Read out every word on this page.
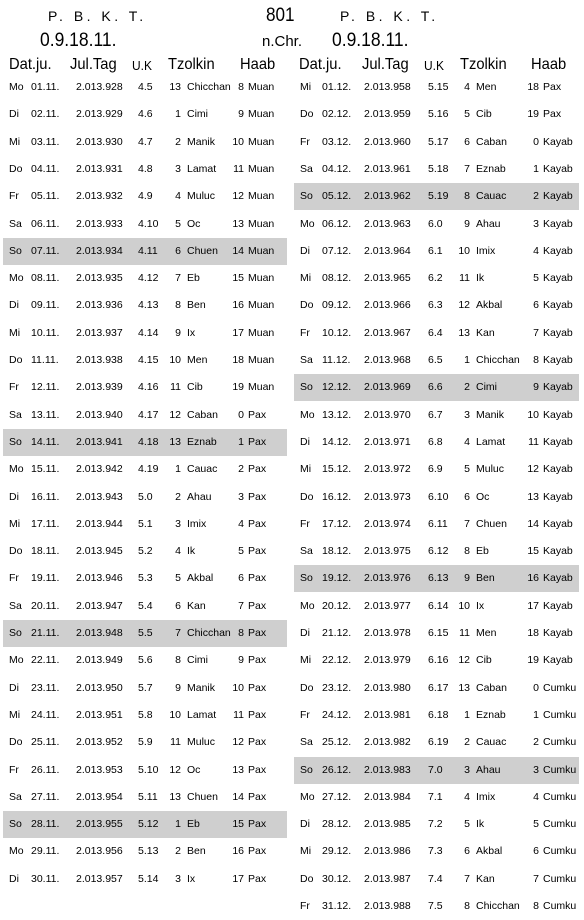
P. B. K. T.
0.9.18.11.
801
n.Chr.
P. B. K. T.
0.9.18.11.
Dat.ju. Jul.Tag U.K Tzolkin Haab Dat.ju. Jul.Tag U.K Tzolkin Haab
Mo 01.11. 2.013.928 4.5 13 Chicchan 8 Muan
Di 02.11. 2.013.929 4.6 1 Cimi	9 Muan
Mi 03.11. 2.013.930 4.7 2 Manik 10 Muan
Do 04.11. 2.013.931 4.8 3 Lamat 11 Muan
Fr 05.11. 2.013.932 4.9 4 Muluc 12 Muan
Sa 06.11. 2.013.933 4.10 5 Oc	13 Muan
So 07.11. 2.013.934 4.11 6 Chuen 14 Muan
Mo 08.11. 2.013.935 4.12 7 Eb	15 Muan
Di 09.11. 2.013.936 4.13 8 Ben	16 Muan
Mi 10.11. 2.013.937 4.14 9 Ix	17 Muan
Do 11.11. 2.013.938 4.15 10 Men 18 Muan
Fr 12.11. 2.013.939 4.16 11 Cib	19 Muan
Sa 13.11. 2.013.940 4.17 12 Caban 0 Pax
So 14.11. 2.013.941 4.18 13 Eznab 1 Pax
Mo 15.11. 2.013.942 4.19 1 Cauac 2 Pax
Di 16.11. 2.013.943 5.0 2 Ahau	3 Pax
Mi 17.11. 2.013.944 5.1 3 Imix	4 Pax
Do 18.11. 2.013.945 5.2 4 Ik	5 Pax
Fr 19.11. 2.013.946 5.3 5 Akbal 6 Pax
Sa 20.11. 2.013.947 5.4 6 Kan	7 Pax
So 21.11. 2.013.948 5.5 7 Chicchan 8 Pax
Mo 22.11. 2.013.949 5.6 8 Cimi	9 Pax
Di 23.11. 2.013.950 5.7 9 Manik 10 Pax
Mi 24.11. 2.013.951 5.8 10 Lamat 11 Pax
Do 25.11. 2.013.952 5.9 11 Muluc 12 Pax
Fr 26.11. 2.013.953 5.10 12 Oc	13 Pax
Sa 27.11. 2.013.954 5.11 13 Chuen 14 Pax
So 28.11. 2.013.955 5.12 1 Eb	15 Pax
Mo 29.11. 2.013.956 5.13 2 Ben	16 Pax
Di 30.11. 2.013.957 5.14 3 Ix	17 Pax
Mi 01.12. 2.013.958 5.15 4 Men	18 Pax
Do 02.12. 2.013.959 5.16 5 Cib	19 Pax
Fr 03.12. 2.013.960 5.17 6 Caban 0 Kayab
Sa 04.12. 2.013.961 5.18 7 Eznab	1 Kayab
So 05.12. 2.013.962 5.19 8 Cauac	2 Kayab
Mo 06.12. 2.013.963 6.0 9 Ahau	3 Kayab
Di 07.12. 2.013.964 6.1 10 Imix	4 Kayab
Mi 08.12. 2.013.965 6.2 11 Ik	5 Kayab
Do 09.12. 2.013.966 6.3 12 Akbal	6 Kayab
Fr 10.12. 2.013.967 6.4 13 Kan	7 Kayab
Sa 11.12. 2.013.968 6.5 1 Chicchan 8 Kayab
So 12.12. 2.013.969 6.6 2 Cimi	9 Kayab
Mo 13.12. 2.013.970 6.7 3 Manik 10 Kayab
Di 14.12. 2.013.971 6.8 4 Lamat 11 Kayab
Mi 15.12. 2.013.972 6.9 5 Muluc 12 Kayab
Do 16.12. 2.013.973 6.10 6 Oc	13 Kayab
Fr 17.12. 2.013.974 6.11 7 Chuen 14 Kayab
Sa 18.12. 2.013.975 6.12 8 Eb	15 Kayab
So 19.12. 2.013.976 6.13 9 Ben	16 Kayab
Mo 20.12. 2.013.977 6.14 10 Ix	17 Kayab
Di 21.12. 2.013.978 6.15 11 Men	18 Kayab
Mi 22.12. 2.013.979 6.16 12 Cib	19 Kayab
Do 23.12. 2.013.980 6.17 13 Caban 0 Cumku
Fr 24.12. 2.013.981 6.18 1 Eznab	1 Cumku
Sa 25.12. 2.013.982 6.19 2 Cauac	2 Cumku
So 26.12. 2.013.983 7.0 3 Ahau	3 Cumku
Mo 27.12. 2.013.984 7.1 4 Imix	4 Cumku
Di 28.12. 2.013.985 7.2 5 Ik	5 Cumku
Mi 29.12. 2.013.986 7.3 6 Akbal	6 Cumku
Do 30.12. 2.013.987 7.4 7 Kan	7 Cumku
Fr 31.12. 2.013.988 7.5 8 Chicchan 8 Cumku
